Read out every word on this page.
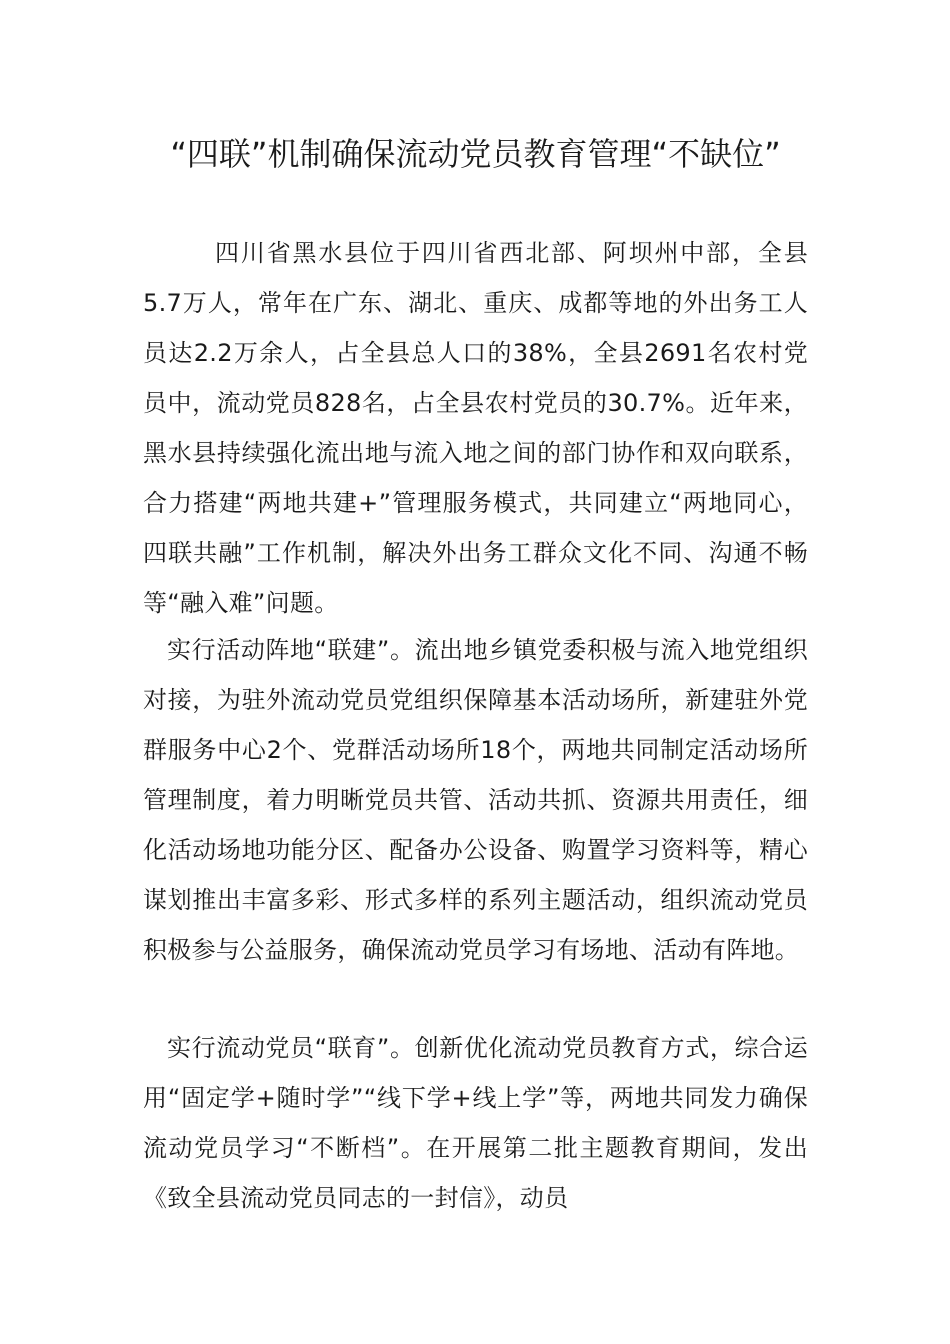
“四联”机制确保流动党员教育管理“不缺位”

四川省黑水县位于四川省西北部、阿坝州中部，全县5.7万人，常年在广东、湖北、重庆、成都等地的外出务工人员达2.2万余人，占全县总人口的38%，全县2691名农村党员中，流动党员828名，占全县农村党员的30.7%。近年来，黑水县持续强化流出地与流入地之间的部门协作和双向联系，合力搭建“两地共建+”管理服务模式，共同建立“两地同心，四联共融”工作机制，解决外出务工群众文化不同、沟通不畅等“融入难”问题。

实行活动阵地“联建”。流出地乡镇党委积极与流入地党组织对接，为驻外流动党员党组织保障基本活动场所，新建驻外党群服务中心2个、党群活动场所18个，两地共同制定活动场所管理制度，着力明晰党员共管、活动共抓、资源共用责任，细化活动场地功能分区、配备办公设备、购置学习资料等，精心谋划推出丰富多彩、形式多样的系列主题活动，组织流动党员积极参与公益服务，确保流动党员学习有场地、活动有阵地。

实行流动党员“联育”。创新优化流动党员教育方式，综合运用“固定学+随时学”“线下学+线上学”等，两地共同发力确保流动党员学习“不断档”。在开展第二批主题教育期间，发出《致全县流动党员同志的一封信》，动员
